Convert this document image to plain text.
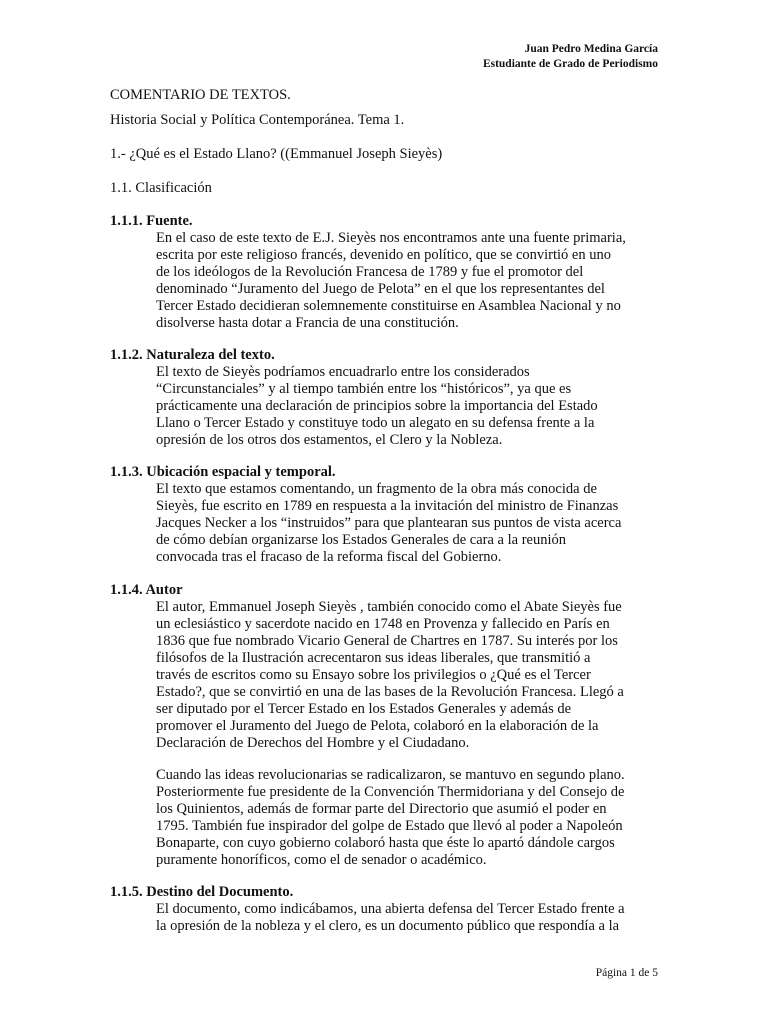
Juan Pedro Medina García
Estudiante de Grado de Periodismo
COMENTARIO DE TEXTOS.
Historia Social y Política Contemporánea. Tema 1.
1.- ¿Qué es el Estado Llano? ((Emmanuel Joseph Sieyès)
1.1. Clasificación
1.1.1. Fuente.
En el caso de este texto de E.J. Sieyès nos encontramos ante una fuente primaria,
escrita por este religioso francés, devenido en político, que se convirtió en uno
de los ideólogos de la Revolución Francesa de 1789 y fue el promotor del
denominado “Juramento del Juego de Pelota” en el que los representantes del
Tercer Estado decidieran solemnemente constituirse en Asamblea Nacional y no
disolverse hasta dotar a Francia de una constitución.
1.1.2. Naturaleza del texto.
El texto de Sieyès podríamos encuadrarlo entre los considerados
“Circunstanciales” y al tiempo también entre los “históricos”, ya que es
prácticamente una declaración de principios sobre la importancia del Estado
Llano o Tercer Estado y constituye todo un alegato en su defensa frente a la
opresión de los otros dos estamentos, el Clero y la Nobleza.
1.1.3. Ubicación espacial y temporal.
El texto que estamos comentando, un fragmento de la obra más conocida de
Sieyès, fue escrito en 1789 en respuesta a la invitación del ministro de Finanzas
Jacques Necker a los “instruidos” para que plantearan sus puntos de vista acerca
de cómo debían organizarse los Estados Generales de cara a la reunión
convocada tras el fracaso de la reforma fiscal del Gobierno.
1.1.4. Autor
El autor, Emmanuel Joseph Sieyès , también conocido como el Abate Sieyès fue
un eclesiástico y sacerdote nacido en 1748 en Provenza y fallecido en París en
1836 que fue nombrado Vicario General de Chartres en 1787. Su interés por los
filósofos de la Ilustración acrecentaron sus ideas liberales, que transmitió a
través de escritos como su Ensayo sobre los privilegios o ¿Qué es el Tercer
Estado?, que se convirtió en una de las bases de la Revolución Francesa. Llegó a
ser diputado por el Tercer Estado en los Estados Generales y además de
promover el Juramento del Juego de Pelota, colaboró en la elaboración de la
Declaración de Derechos del Hombre y el Ciudadano.
Cuando las ideas revolucionarias se radicalizaron, se mantuvo en segundo plano.
Posteriormente fue presidente de la Convención Thermidoriana y del Consejo de
los Quinientos, además de formar parte del Directorio que asumió el poder en
1795. También fue inspirador del golpe de Estado que llevó al poder a Napoleón
Bonaparte, con cuyo gobierno colaboró hasta que éste lo apartó dándole cargos
puramente honoríficos, como el de senador o académico.
1.1.5. Destino del Documento.
El documento, como indicábamos, una abierta defensa del Tercer Estado frente a
la opresión de la nobleza y el clero, es un documento público que respondía a la
Página 1 de 5
